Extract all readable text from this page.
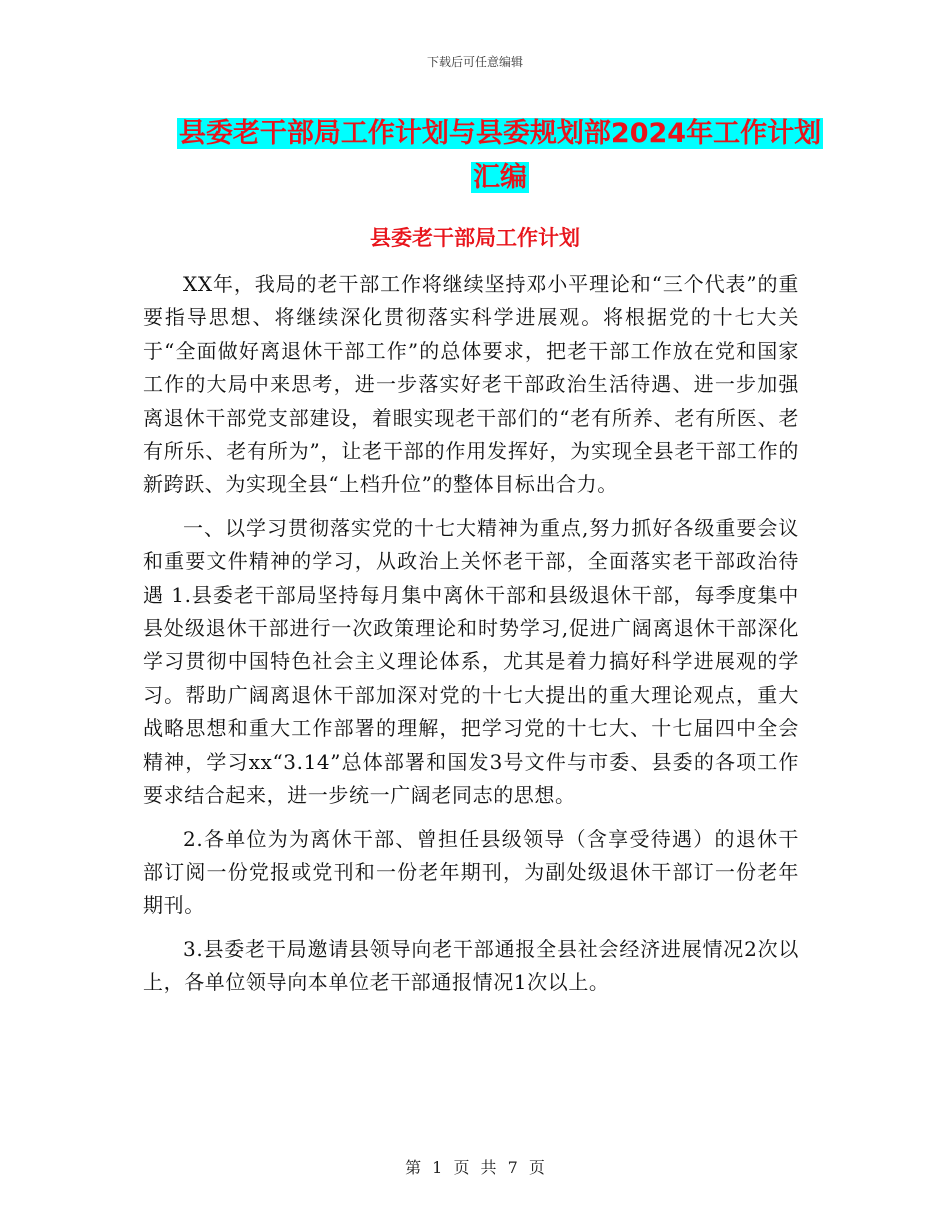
下载后可任意编辑
县委老干部局工作计划与县委规划部2024年工作计划
汇编
县委老干部局工作计划

XX年，我局的老干部工作将继续坚持邓小平理论和“三个代表”的重要指导思想、将继续深化贯彻落实科学进展观。将根据党的十七大关于“全面做好离退休干部工作”的总体要求，把老干部工作放在党和国家工作的大局中来思考，进一步落实好老干部政治生活待遇、进一步加强离退休干部党支部建设，着眼实现老干部们的“老有所养、老有所医、老有所乐、老有所为”，让老干部的作用发挥好，为实现全县老干部工作的新跨跃、为实现全县“上档升位”的整体目标出合力。

一、以学习贯彻落实党的十七大精神为重点,努力抓好各级重要会议和重要文件精神的学习，从政治上关怀老干部，全面落实老干部政治待遇 1.县委老干部局坚持每月集中离休干部和县级退休干部，每季度集中县处级退休干部进行一次政策理论和时势学习,促进广阔离退休干部深化学习贯彻中国特色社会主义理论体系，尤其是着力搞好科学进展观的学习。帮助广阔离退休干部加深对党的十七大提出的重大理论观点，重大战略思想和重大工作部署的理解，把学习党的十七大、十七届四中全会精神，学习xx“3.14”总体部署和国发3号文件与市委、县委的各项工作要求结合起来，进一步统一广阔老同志的思想。

2.各单位为为离休干部、曾担任县级领导（含享受待遇）的退休干部订阅一份党报或党刊和一份老年期刊，为副处级退休干部订一份老年期刊。

3.县委老干局邀请县领导向老干部通报全县社会经济进展情况2次以上，各单位领导向本单位老干部通报情况1次以上。

第 1 页 共 7 页
